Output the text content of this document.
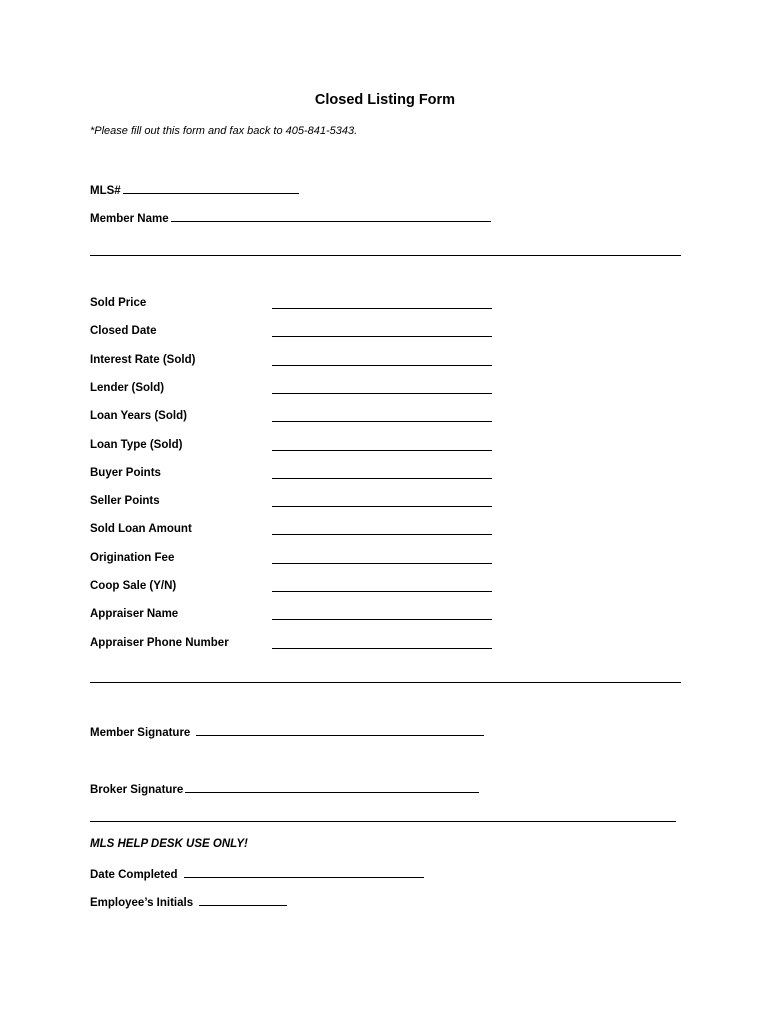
Closed Listing Form
*Please fill out this form and fax back to 405-841-5343.
MLS#
Member Name
Sold Price
Closed Date
Interest Rate (Sold)
Lender (Sold)
Loan Years (Sold)
Loan Type (Sold)
Buyer Points
Seller Points
Sold Loan Amount
Origination Fee
Coop Sale (Y/N)
Appraiser Name
Appraiser Phone Number
Member Signature
Broker Signature
MLS HELP DESK USE ONLY!
Date Completed
Employee’s Initials
